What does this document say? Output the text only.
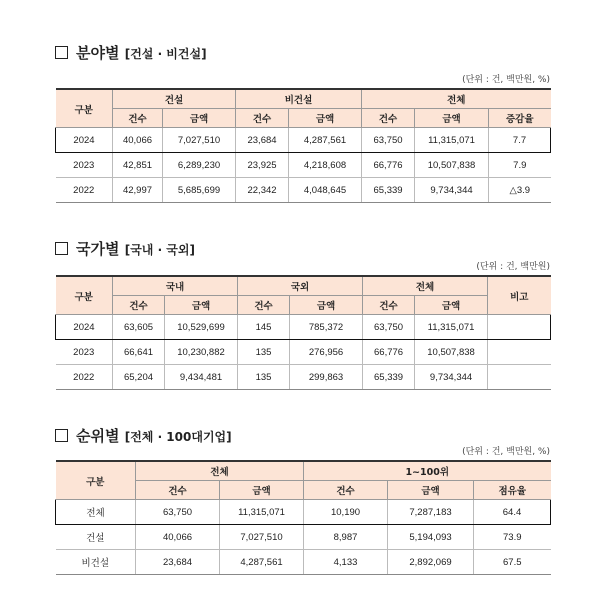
분야별 [건설 · 비건설]
(단위 : 건, 백만원, %)
구분	건설		비건설		전체		
	건수	금액	건수	금액	건수	금액	증감율
2024	40,066	7,027,510	23,684	4,287,561	63,750	11,315,071	7.7
2023	42,851	6,289,230	23,925	4,218,608	66,776	10,507,838	7.9
2022	42,997	5,685,699	22,342	4,048,645	65,339	9,734,344	△3.9
국가별 [국내 · 국외]
(단위 : 건, 백만원)
구분	국내		국외		전체		비고
	건수	금액	건수	금액	건수	금액	
2024	63,605	10,529,699	145	785,372	63,750	11,315,071	
2023	66,641	10,230,882	135	276,956	66,776	10,507,838	
2022	65,204	9,434,481	135	299,863	65,339	9,734,344	
순위별 [전체 · 100대기업]
(단위 : 건, 백만원, %)
구분	전체		1~100위		
	건수	금액	건수	금액	점유율
전체	63,750	11,315,071	10,190	7,287,183	64.4
건설	40,066	7,027,510	8,987	5,194,093	73.9
비건설	23,684	4,287,561	4,133	2,892,069	67.5
